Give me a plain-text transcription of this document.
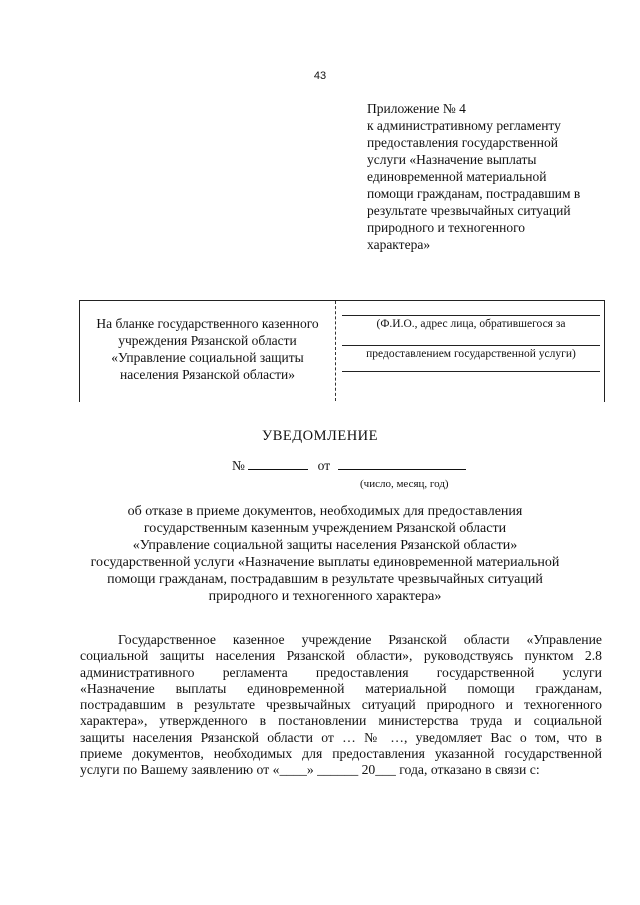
43
Приложение № 4
к административному регламенту
предоставления государственной
услуги «Назначение выплаты
единовременной материальной
помощи гражданам, пострадавшим в
результате чрезвычайных ситуаций
природного и техногенного
характера»
На бланке государственного казенного
учреждения Рязанской области
«Управление социальной защиты
населения Рязанской области»
(Ф.И.О., адрес лица, обратившегося за
предоставлением государственной услуги)
УВЕДОМЛЕНИЕ
№	от
(число, месяц, год)
об отказе в приеме документов, необходимых для предоставления
государственным казенным учреждением Рязанской области
«Управление социальной защиты населения Рязанской области»
государственной услуги «Назначение выплаты единовременной материальной
помощи гражданам, пострадавшим в результате чрезвычайных ситуаций
природного и техногенного характера»
Государственное казенное учреждение Рязанской области «Управление
социальной защиты населения Рязанской области», руководствуясь пунктом 2.8
административного регламента предоставления государственной услуги
«Назначение выплаты единовременной материальной помощи гражданам,
пострадавшим в результате чрезвычайных ситуаций природного и техногенного
характера», утвержденного в постановлении министерства труда и социальной
защиты населения Рязанской области от … № …, уведомляет Вас о том, что в
приеме документов, необходимых для предоставления указанной государственной
услуги по Вашему заявлению от «____» ______ 20___ года, отказано в связи с:
